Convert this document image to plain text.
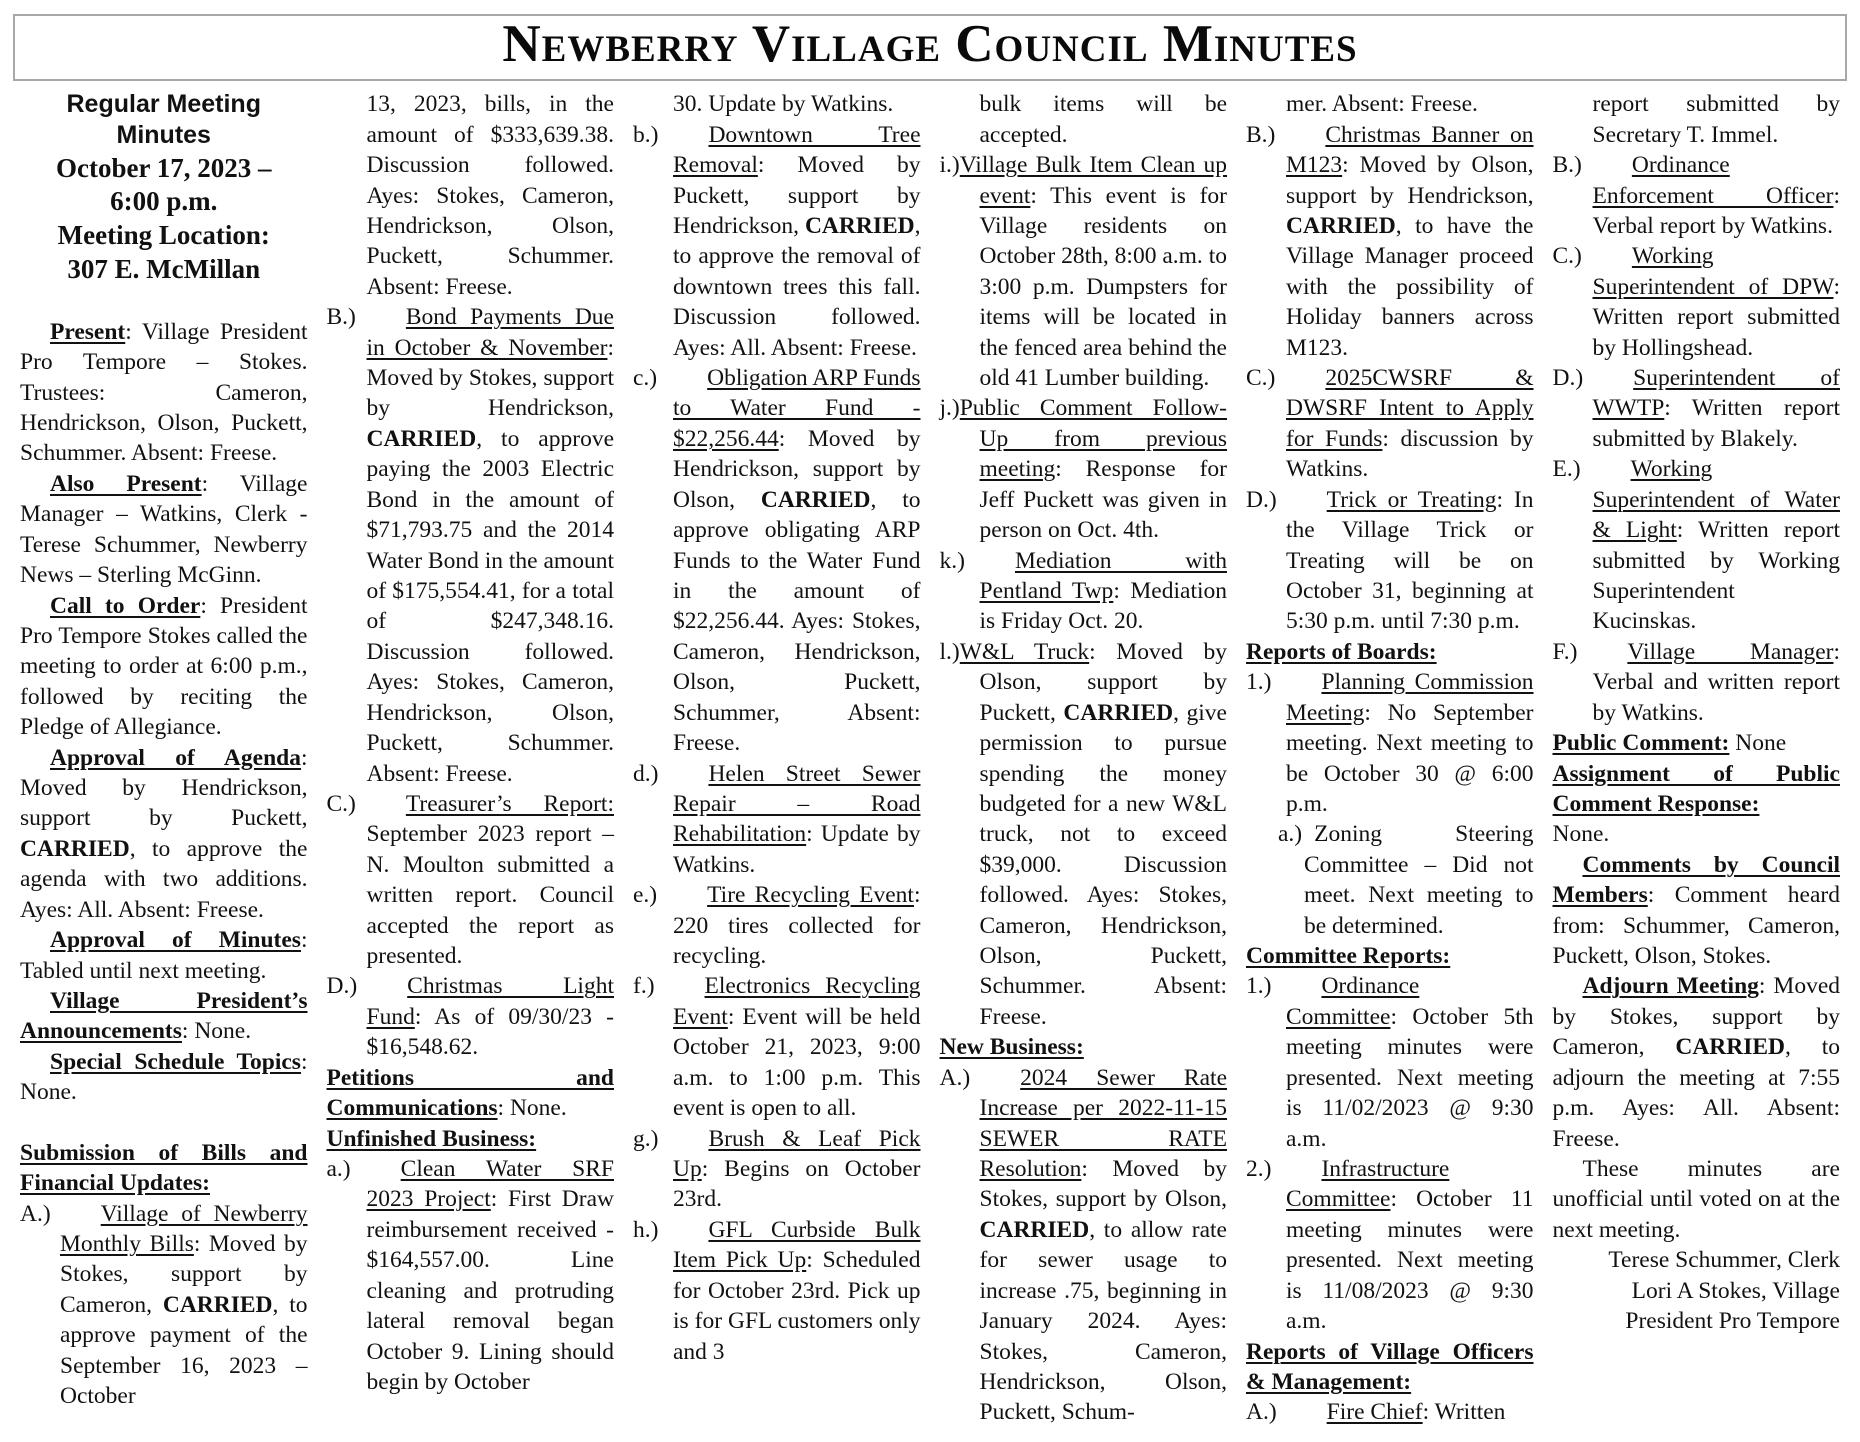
Newberry Village Council Minutes
Regular Meeting
Minutes
October 17, 2023 –
6:00 p.m.
Meeting Location:
307 E. McMillan
Present: Village President Pro Tempore – Stokes. Trustees: Cameron, Hendrickson, Olson, Puckett, Schummer. Absent: Freese.
Also Present: Village Manager – Watkins, Clerk - Terese Schummer, Newberry News – Sterling McGinn.
Call to Order: President Pro Tempore Stokes called the meeting to order at 6:00 p.m., followed by reciting the Pledge of Allegiance.
Approval of Agenda: Moved by Hendrickson, support by Puckett, CARRIED, to approve the agenda with two additions. Ayes: All. Absent: Freese.
Approval of Minutes: Tabled until next meeting.
Village President’s Announcements: None.
Special Schedule Topics: None.
Submission of Bills and Financial Updates:
A.) Village of Newberry Monthly Bills: Moved by Stokes, support by Cameron, CARRIED, to approve payment of the September 16, 2023 – October
13, 2023, bills, in the amount of $333,639.38. Discussion followed. Ayes: Stokes, Cameron, Hendrickson, Olson, Puckett, Schummer. Absent: Freese.
B.) Bond Payments Due in October & November: Moved by Stokes, support by Hendrickson, CARRIED, to approve paying the 2003 Electric Bond in the amount of $71,793.75 and the 2014 Water Bond in the amount of $175,554.41, for a total of $247,348.16. Discussion followed. Ayes: Stokes, Cameron, Hendrickson, Olson, Puckett, Schummer. Absent: Freese.
C.) Treasurer’s Report: September 2023 report – N. Moulton submitted a written report. Council accepted the report as presented.
D.) Christmas Light Fund: As of 09/30/23 - $16,548.62.
Petitions and Communications: None.
Unfinished Business:
a.) Clean Water SRF 2023 Project: First Draw reimbursement received - $164,557.00. Line cleaning and protruding lateral removal began October 9. Lining should begin by October
30. Update by Watkins.
b.) Downtown Tree Removal: Moved by Puckett, support by Hendrickson, CARRIED, to approve the removal of downtown trees this fall. Discussion followed. Ayes: All. Absent: Freese.
c.) Obligation ARP Funds to Water Fund - $22,256.44: Moved by Hendrickson, support by Olson, CARRIED, to approve obligating ARP Funds to the Water Fund in the amount of $22,256.44. Ayes: Stokes, Cameron, Hendrickson, Olson, Puckett, Schummer, Absent: Freese.
d.) Helen Street Sewer Repair – Road Rehabilitation: Update by Watkins.
e.) Tire Recycling Event: 220 tires collected for recycling.
f.) Electronics Recycling Event: Event will be held October 21, 2023, 9:00 a.m. to 1:00 p.m. This event is open to all.
g.) Brush & Leaf Pick Up: Begins on October 23rd.
h.) GFL Curbside Bulk Item Pick Up: Scheduled for October 23rd. Pick up is for GFL customers only and 3
bulk items will be accepted.
i.)Village Bulk Item Clean up event: This event is for Village residents on October 28th, 8:00 a.m. to 3:00 p.m. Dumpsters for items will be located in the fenced area behind the old 41 Lumber building.
j.)Public Comment Follow-Up from previous meeting: Response for Jeff Puckett was given in person on Oct. 4th.
k.) Mediation with Pentland Twp: Mediation is Friday Oct. 20.
l.)W&L Truck: Moved by Olson, support by Puckett, CARRIED, give permission to pursue spending the money budgeted for a new W&L truck, not to exceed $39,000. Discussion followed. Ayes: Stokes, Cameron, Hendrickson, Olson, Puckett, Schummer. Absent: Freese.
New Business:
A.) 2024 Sewer Rate Increase per 2022-11-15 SEWER RATE Resolution: Moved by Stokes, support by Olson, CARRIED, to allow rate for sewer usage to increase .75, beginning in January 2024. Ayes: Stokes, Cameron, Hendrickson, Olson, Puckett, Schum-
mer. Absent: Freese.
B.) Christmas Banner on M123: Moved by Olson, support by Hendrickson, CARRIED, to have the Village Manager proceed with the possibility of Holiday banners across M123.
C.) 2025CWSRF & DWSRF Intent to Apply for Funds: discussion by Watkins.
D.) Trick or Treating: In the Village Trick or Treating will be on October 31, beginning at 5:30 p.m. until 7:30 p.m.
Reports of Boards:
1.) Planning Commission Meeting: No September meeting. Next meeting to be October 30 @ 6:00 p.m.
a.) Zoning Steering Committee – Did not meet. Next meeting to be determined.
Committee Reports:
1.) Ordinance Committee: October 5th meeting minutes were presented. Next meeting is 11/02/2023 @ 9:30 a.m.
2.) Infrastructure Committee: October 11 meeting minutes were presented. Next meeting is 11/08/2023 @ 9:30 a.m.
Reports of Village Officers & Management:
A.) Fire Chief: Written
report submitted by Secretary T. Immel.
B.) Ordinance Enforcement Officer: Verbal report by Watkins.
C.) Working Superintendent of DPW: Written report submitted by Hollingshead.
D.) Superintendent of WWTP: Written report submitted by Blakely.
E.) Working Superintendent of Water & Light: Written report submitted by Working Superintendent Kucinskas.
F.) Village Manager: Verbal and written report by Watkins.
Public Comment: None
Assignment of Public Comment Response:
None.
Comments by Council Members: Comment heard from: Schummer, Cameron, Puckett, Olson, Stokes.
Adjourn Meeting: Moved by Stokes, support by Cameron, CARRIED, to adjourn the meeting at 7:55 p.m. Ayes: All. Absent: Freese.
These minutes are unofficial until voted on at the next meeting.
Terese Schummer, Clerk
Lori A Stokes, Village President Pro Tempore
